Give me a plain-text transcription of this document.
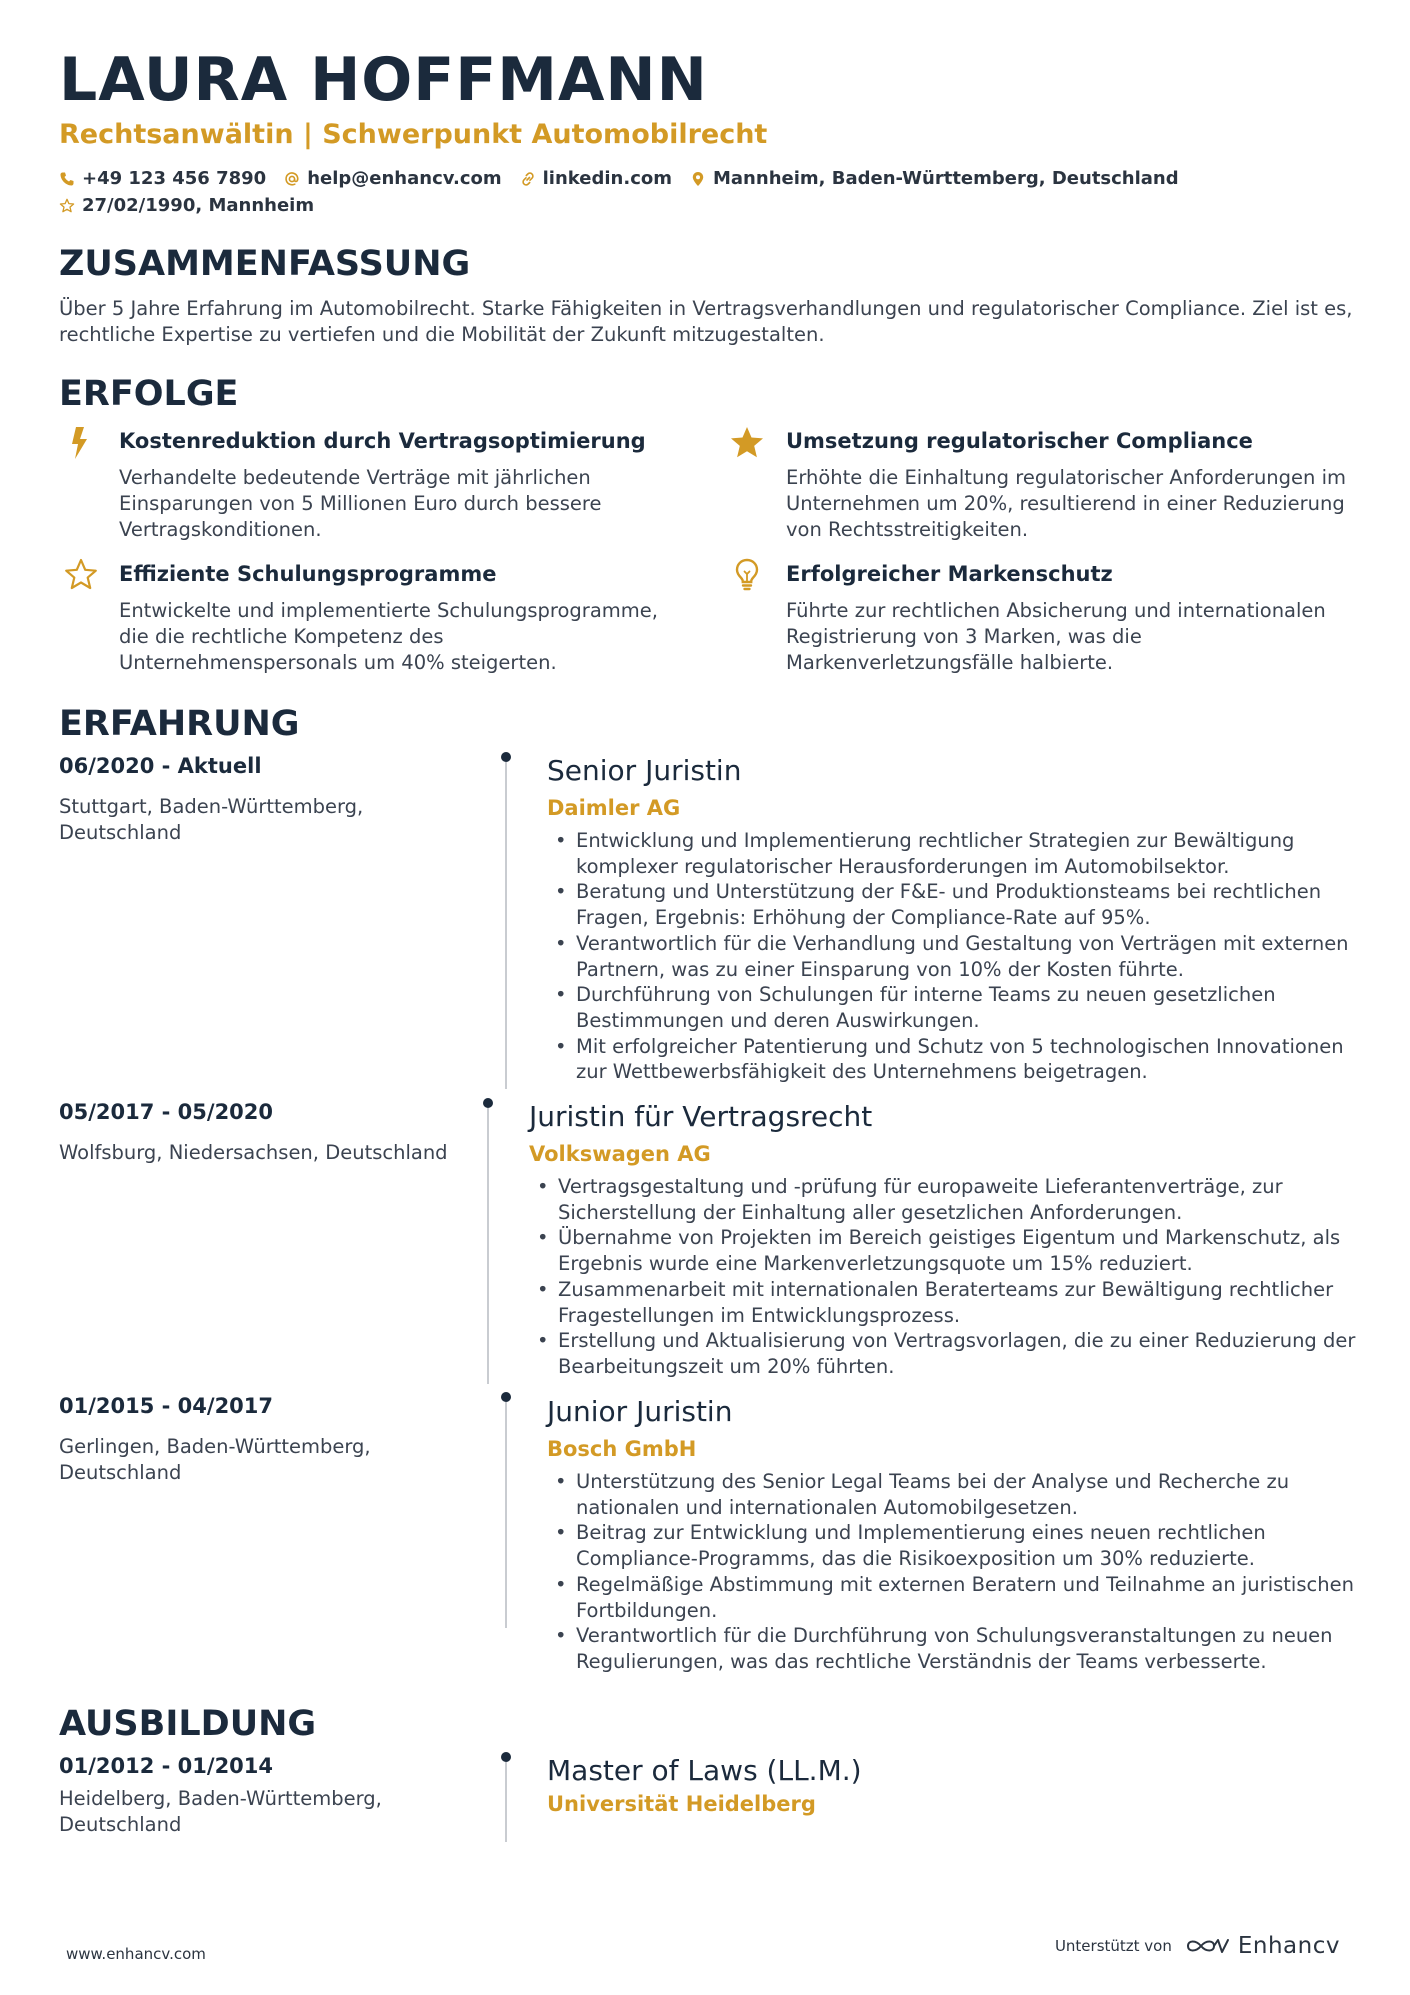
LAURA HOFFMANN
Rechtsanwältin | Schwerpunkt Automobilrecht
+49 123 456 7890 help@enhancv.com linkedin.com Mannheim, Baden-Württemberg, Deutschland
27/02/1990, Mannheim
ZUSAMMENFASSUNG
Über 5 Jahre Erfahrung im Automobilrecht. Starke Fähigkeiten in Vertragsverhandlungen und regulatorischer Compliance. Ziel ist es, rechtliche Expertise zu vertiefen und die Mobilität der Zukunft mitzugestalten.
ERFOLGE
Kostenreduktion durch Vertragsoptimierung
Verhandelte bedeutende Verträge mit jährlichen Einsparungen von 5 Millionen Euro durch bessere Vertragskonditionen.
Umsetzung regulatorischer Compliance
Erhöhte die Einhaltung regulatorischer Anforderungen im Unternehmen um 20%, resultierend in einer Reduzierung von Rechtsstreitigkeiten.
Effiziente Schulungsprogramme
Entwickelte und implementierte Schulungsprogramme, die die rechtliche Kompetenz des Unternehmenspersonals um 40% steigerten.
Erfolgreicher Markenschutz
Führte zur rechtlichen Absicherung und internationalen Registrierung von 3 Marken, was die Markenverletzungsfälle halbierte.
ERFAHRUNG
06/2020 - Aktuell
Stuttgart, Baden-Württemberg, Deutschland
Senior Juristin
Daimler AG
• Entwicklung und Implementierung rechtlicher Strategien zur Bewältigung komplexer regulatorischer Herausforderungen im Automobilsektor.
• Beratung und Unterstützung der F&E- und Produktionsteams bei rechtlichen Fragen, Ergebnis: Erhöhung der Compliance-Rate auf 95%.
• Verantwortlich für die Verhandlung und Gestaltung von Verträgen mit externen Partnern, was zu einer Einsparung von 10% der Kosten führte.
• Durchführung von Schulungen für interne Teams zu neuen gesetzlichen Bestimmungen und deren Auswirkungen.
• Mit erfolgreicher Patentierung und Schutz von 5 technologischen Innovationen zur Wettbewerbsfähigkeit des Unternehmens beigetragen.
05/2017 - 05/2020
Wolfsburg, Niedersachsen, Deutschland
Juristin für Vertragsrecht
Volkswagen AG
• Vertragsgestaltung und -prüfung für europaweite Lieferantenverträge, zur Sicherstellung der Einhaltung aller gesetzlichen Anforderungen.
• Übernahme von Projekten im Bereich geistiges Eigentum und Markenschutz, als Ergebnis wurde eine Markenverletzungsquote um 15% reduziert.
• Zusammenarbeit mit internationalen Beraterteams zur Bewältigung rechtlicher Fragestellungen im Entwicklungsprozess.
• Erstellung und Aktualisierung von Vertragsvorlagen, die zu einer Reduzierung der Bearbeitungszeit um 20% führten.
01/2015 - 04/2017
Gerlingen, Baden-Württemberg, Deutschland
Junior Juristin
Bosch GmbH
• Unterstützung des Senior Legal Teams bei der Analyse und Recherche zu nationalen und internationalen Automobilgesetzen.
• Beitrag zur Entwicklung und Implementierung eines neuen rechtlichen Compliance-Programms, das die Risikoexposition um 30% reduzierte.
• Regelmäßige Abstimmung mit externen Beratern und Teilnahme an juristischen Fortbildungen.
• Verantwortlich für die Durchführung von Schulungsveranstaltungen zu neuen Regulierungen, was das rechtliche Verständnis der Teams verbesserte.
AUSBILDUNG
01/2012 - 01/2014
Heidelberg, Baden-Württemberg, Deutschland
Master of Laws (LL.M.)
Universität Heidelberg
www.enhancv.com	Unterstützt von	Enhancv
